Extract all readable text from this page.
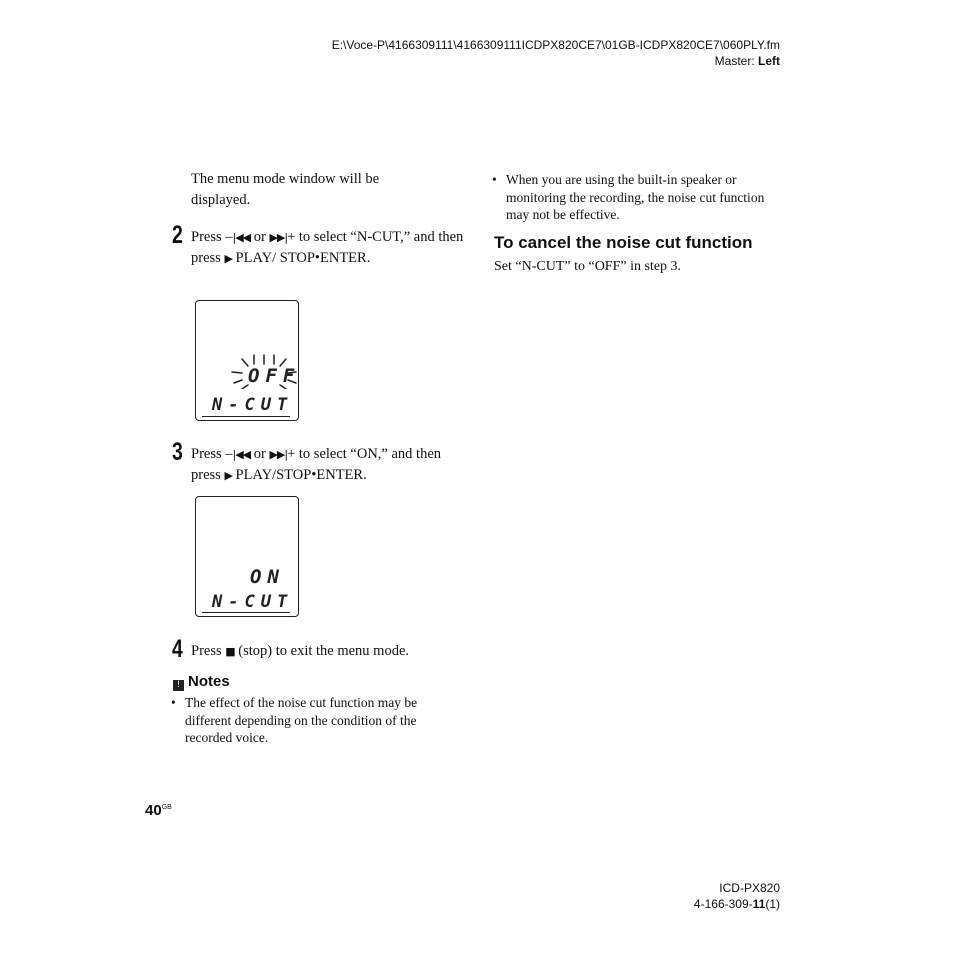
E:\Voce-P\4166309111\4166309111ICDPX820CE7\01GB-ICDPX820CE7\060PLY.fm
Master: Left
The menu mode window will be displayed.
2 Press –|◀◀ or ▶▶|+ to select “N-CUT,” and then press ▶ PLAY/ STOP•ENTER.
OFF
N-CUT
3 Press –|◀◀ or ▶▶|+ to select “ON,” and then press ▶ PLAY/STOP•ENTER.
ON
N-CUT
4 Press ■ (stop) to exit the menu mode.
! Notes
• The effect of the noise cut function may be different depending on the condition of the recorded voice.
• When you are using the built-in speaker or monitoring the recording, the noise cut function may not be effective.
To cancel the noise cut function
Set “N-CUT” to “OFF” in step 3.
$40^{GB}$
ICD-PX820
4-166-309-11(1)
